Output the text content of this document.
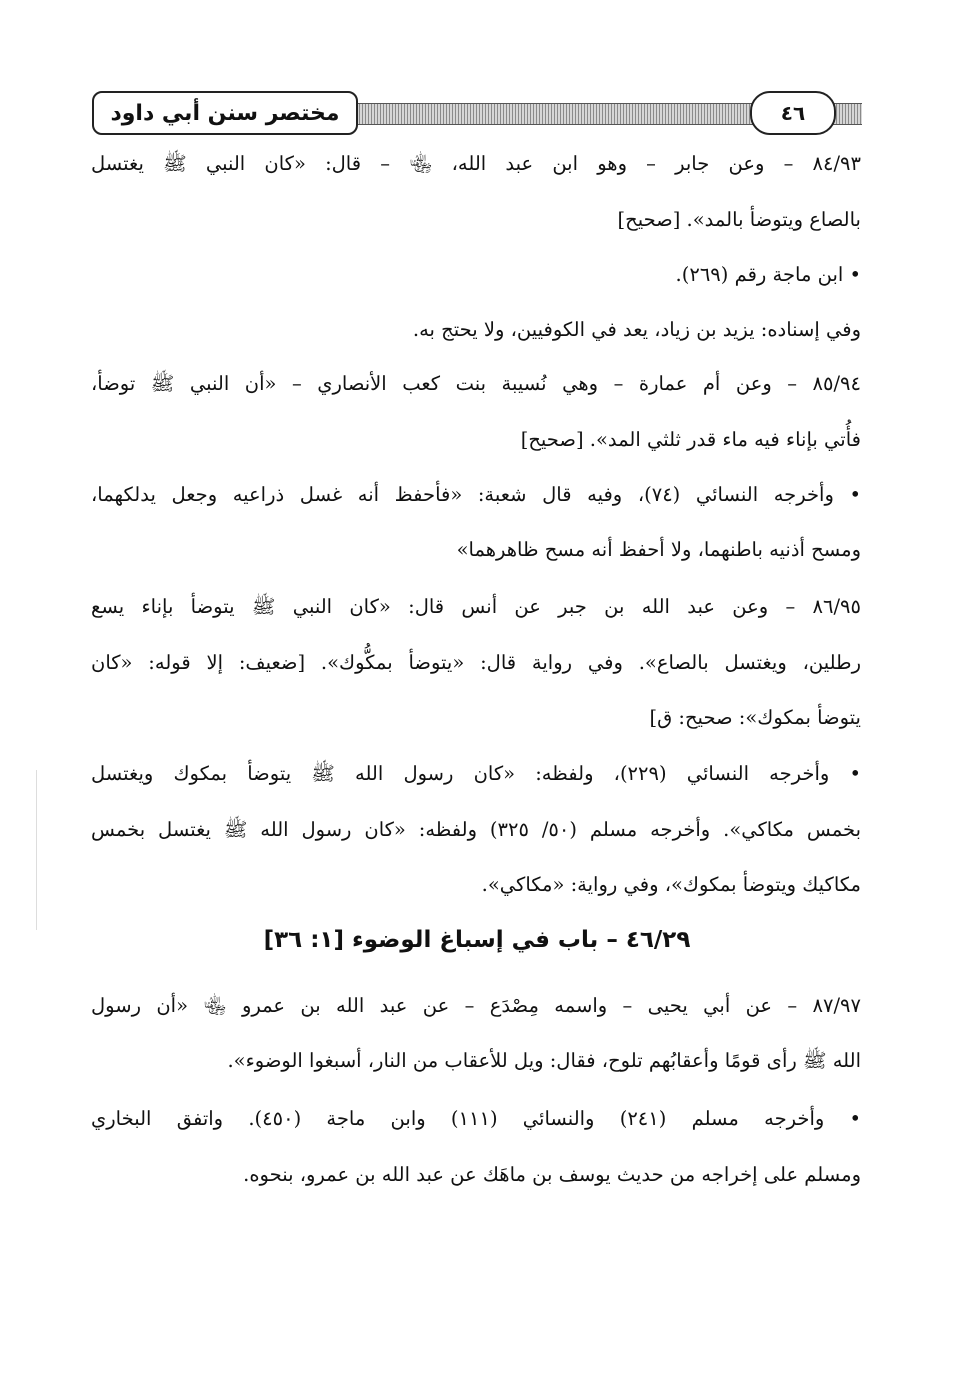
مختصر سنن أبي داود	٤٦
٨٤/٩٣ – وعن جابر – وهو ابن عبد الله، ﵄ – قال: «كان النبي ﷺ يغتسل
بالصاع ويتوضأ بالمد». [صحيح]
• ابن ماجة رقم (٢٦٩).
وفي إسناده: يزيد بن زياد، يعد في الكوفيين، ولا يحتج به.
٨٥/٩٤ – وعن أم عمارة – وهي نُسيبة بنت كعب الأنصاري – «أن النبي ﷺ توضأ،
فأُتي بإناء فيه ماء قدر ثلثي المد». [صحيح]
• وأخرجه النسائي (٧٤)، وفيه قال شعبة: «فأحفظ أنه غسل ذراعيه وجعل يدلكهما،
ومسح أذنيه باطنهما، ولا أحفظ أنه مسح ظاهرهما»
٨٦/٩٥ – وعن عبد الله بن جبر عن أنس قال: «كان النبي ﷺ يتوضأ بإناء يسع
رطلين، ويغتسل بالصاع». وفي رواية قال: «يتوضأ بمكُّوك». [ضعيف: إلا قوله: «كان
يتوضأ بمكوك»: صحيح: ق]
• وأخرجه النسائي (٢٢٩)، ولفظه: «كان رسول الله ﷺ يتوضأ بمكوك ويغتسل
بخمس مكاكي». وأخرجه مسلم (٥٠/ ٣٢٥) ولفظه: «كان رسول الله ﷺ يغتسل بخمس
مكاكيك ويتوضأ بمكوك»، وفي رواية: «مكاكي».
٤٦/٢٩ – باب في إسباغ الوضوء [١: ٣٦]
٨٧/٩٧ – عن أبي يحيى – واسمه مِصْدَع – عن عبد الله بن عمرو ﵄ «أن رسول
الله ﷺ رأى قومًا وأعقابُهم تلوح، فقال: ويل للأعقاب من النار، أسبغوا الوضوء».
• وأخرجه مسلم (٢٤١) والنسائي (١١١) وابن ماجة (٤٥٠). واتفق البخاري
ومسلم على إخراجه من حديث يوسف بن ماهَك عن عبد الله بن عمرو، بنحوه.
